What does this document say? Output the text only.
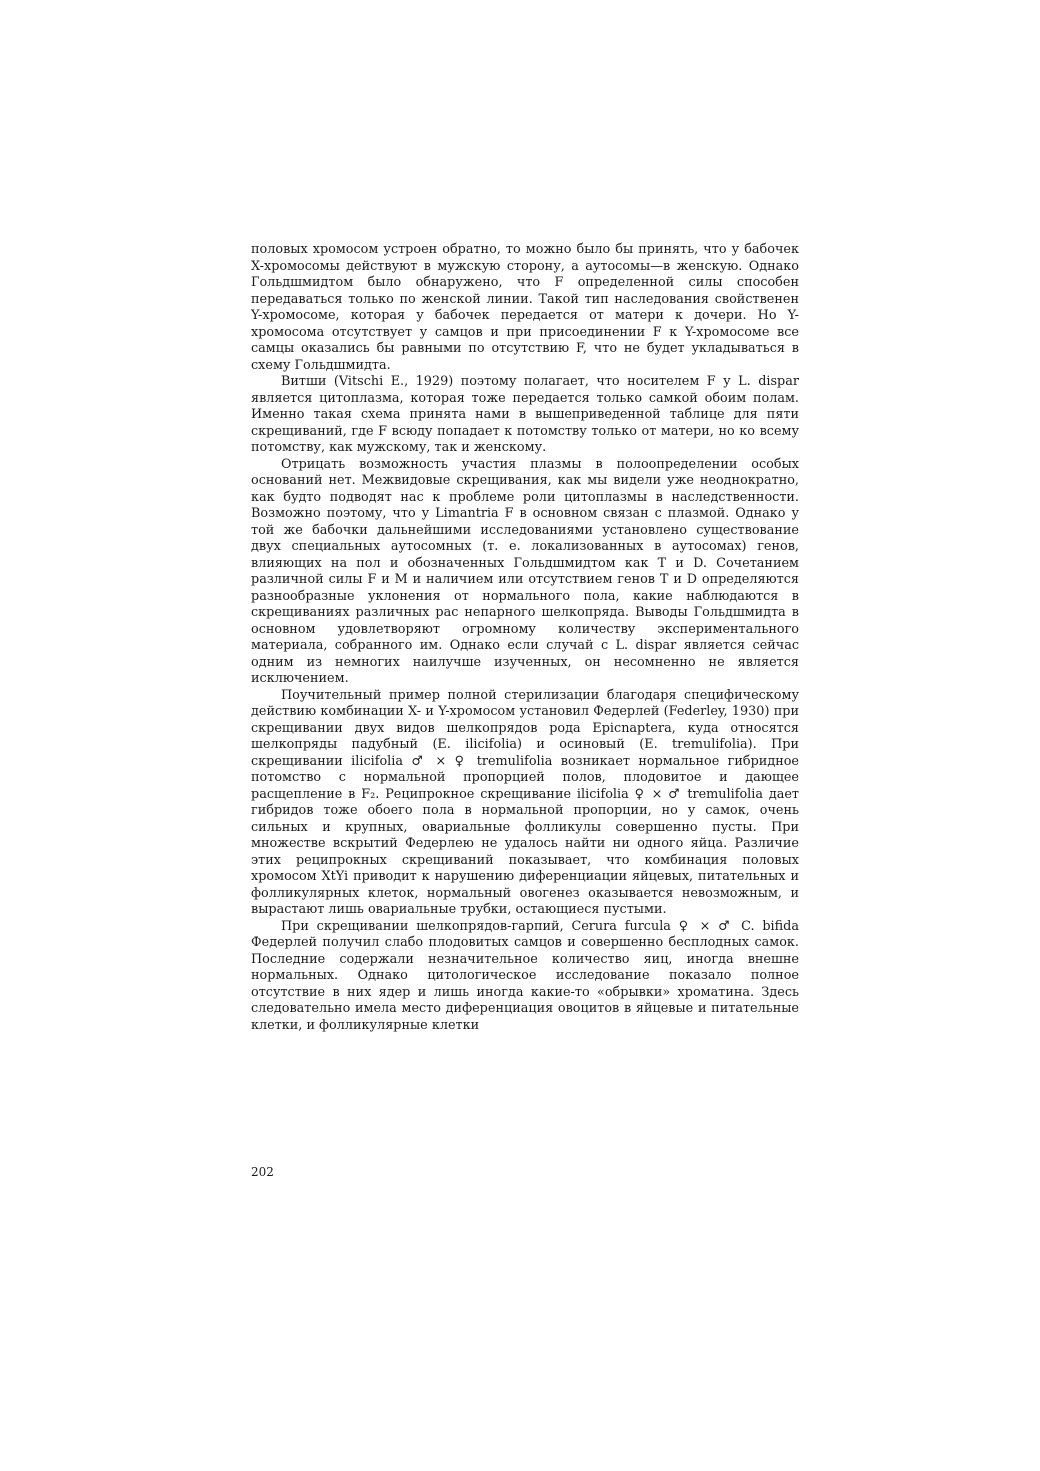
половых хромосом устроен обратно, то можно было бы принять, что у бабочек X-хромосомы действуют в мужскую сторону, а аутосомы—в женскую. Однако Гольдшмидтом было обнаружено, что F определенной силы способен передаваться только по женской линии. Такой тип наследования свойственен Y-хромосоме, которая у бабочек передается от матери к дочери. Но Y-хромосома отсутствует у самцов и при присоединении F к Y-хромосоме все самцы оказались бы равными по отсутствию F, что не будет укладываться в схему Гольдшмидта.

Витши (Vitschi E., 1929) поэтому полагает, что носителем F у L. dispar является цитоплазма, которая тоже передается только самкой обоим полам. Именно такая схема принята нами в вышеприведенной таблице для пяти скрещиваний, где F всюду попадает к потомству только от матери, но ко всему потомству, как мужскому, так и женскому.

Отрицать возможность участия плазмы в полоопределении особых оснований нет. Межвидовые скрещивания, как мы видели уже неоднократно, как будто подводят нас к проблеме роли цитоплазмы в наследственности. Возможно поэтому, что у Limantria F в основном связан с плазмой. Однако у той же бабочки дальнейшими исследованиями установлено существование двух специальных аутосомных (т. е. локализованных в аутосомах) генов, влияющих на пол и обозначенных Гольдшмидтом как T и D. Сочетанием различной силы F и M и наличием или отсутствием генов T и D определяются разнообразные уклонения от нормального пола, какие наблюдаются в скрещиваниях различных рас непарного шелкопряда. Выводы Гольдшмидта в основном удовлетворяют огромному количеству экспериментального материала, собранного им. Однако если случай с L. dispar является сейчас одним из немногих наилучше изученных, он несомненно не является исключением.

Поучительный пример полной стерилизации благодаря специфическому действию комбинации X- и Y-хромосом установил Федерлей (Federley, 1930) при скрещивании двух видов шелкопрядов рода Epicnaptera, куда относятся шелкопряды падубный (E. ilicifolia) и осиновый (E. tremulifolia). При скрещивании ilicifolia ♂ × ♀ tremulifolia возникает нормальное гибридное потомство с нормальной пропорцией полов, плодовитое и дающее расщепление в F₂. Реципрокное скрещивание ilicifolia ♀ × ♂ tremulifolia дает гибридов тоже обоего пола в нормальной пропорции, но у самок, очень сильных и крупных, овариальные фолликулы совершенно пусты. При множестве вскрытий Федерлею не удалось найти ни одного яйца. Различие этих реципрокных скрещиваний показывает, что комбинация половых хромосом XtYi приводит к нарушению диференциации яйцевых, питательных и фолликулярных клеток, нормальный овогенез оказывается невозможным, и вырастают лишь овариальные трубки, остающиеся пустыми.

При скрещивании шелкопрядов-гарпий, Cerura furcula ♀ × ♂ C. bifida Федерлей получил слабо плодовитых самцов и совершенно бесплодных самок. Последние содержали незначительное количество яиц, иногда внешне нормальных. Однако цитологическое исследование показало полное отсутствие в них ядер и лишь иногда какие-то «обрывки» хроматина. Здесь следовательно имела место диференциация овоцитов в яйцевые и питательные клетки, и фолликулярные клетки

202
